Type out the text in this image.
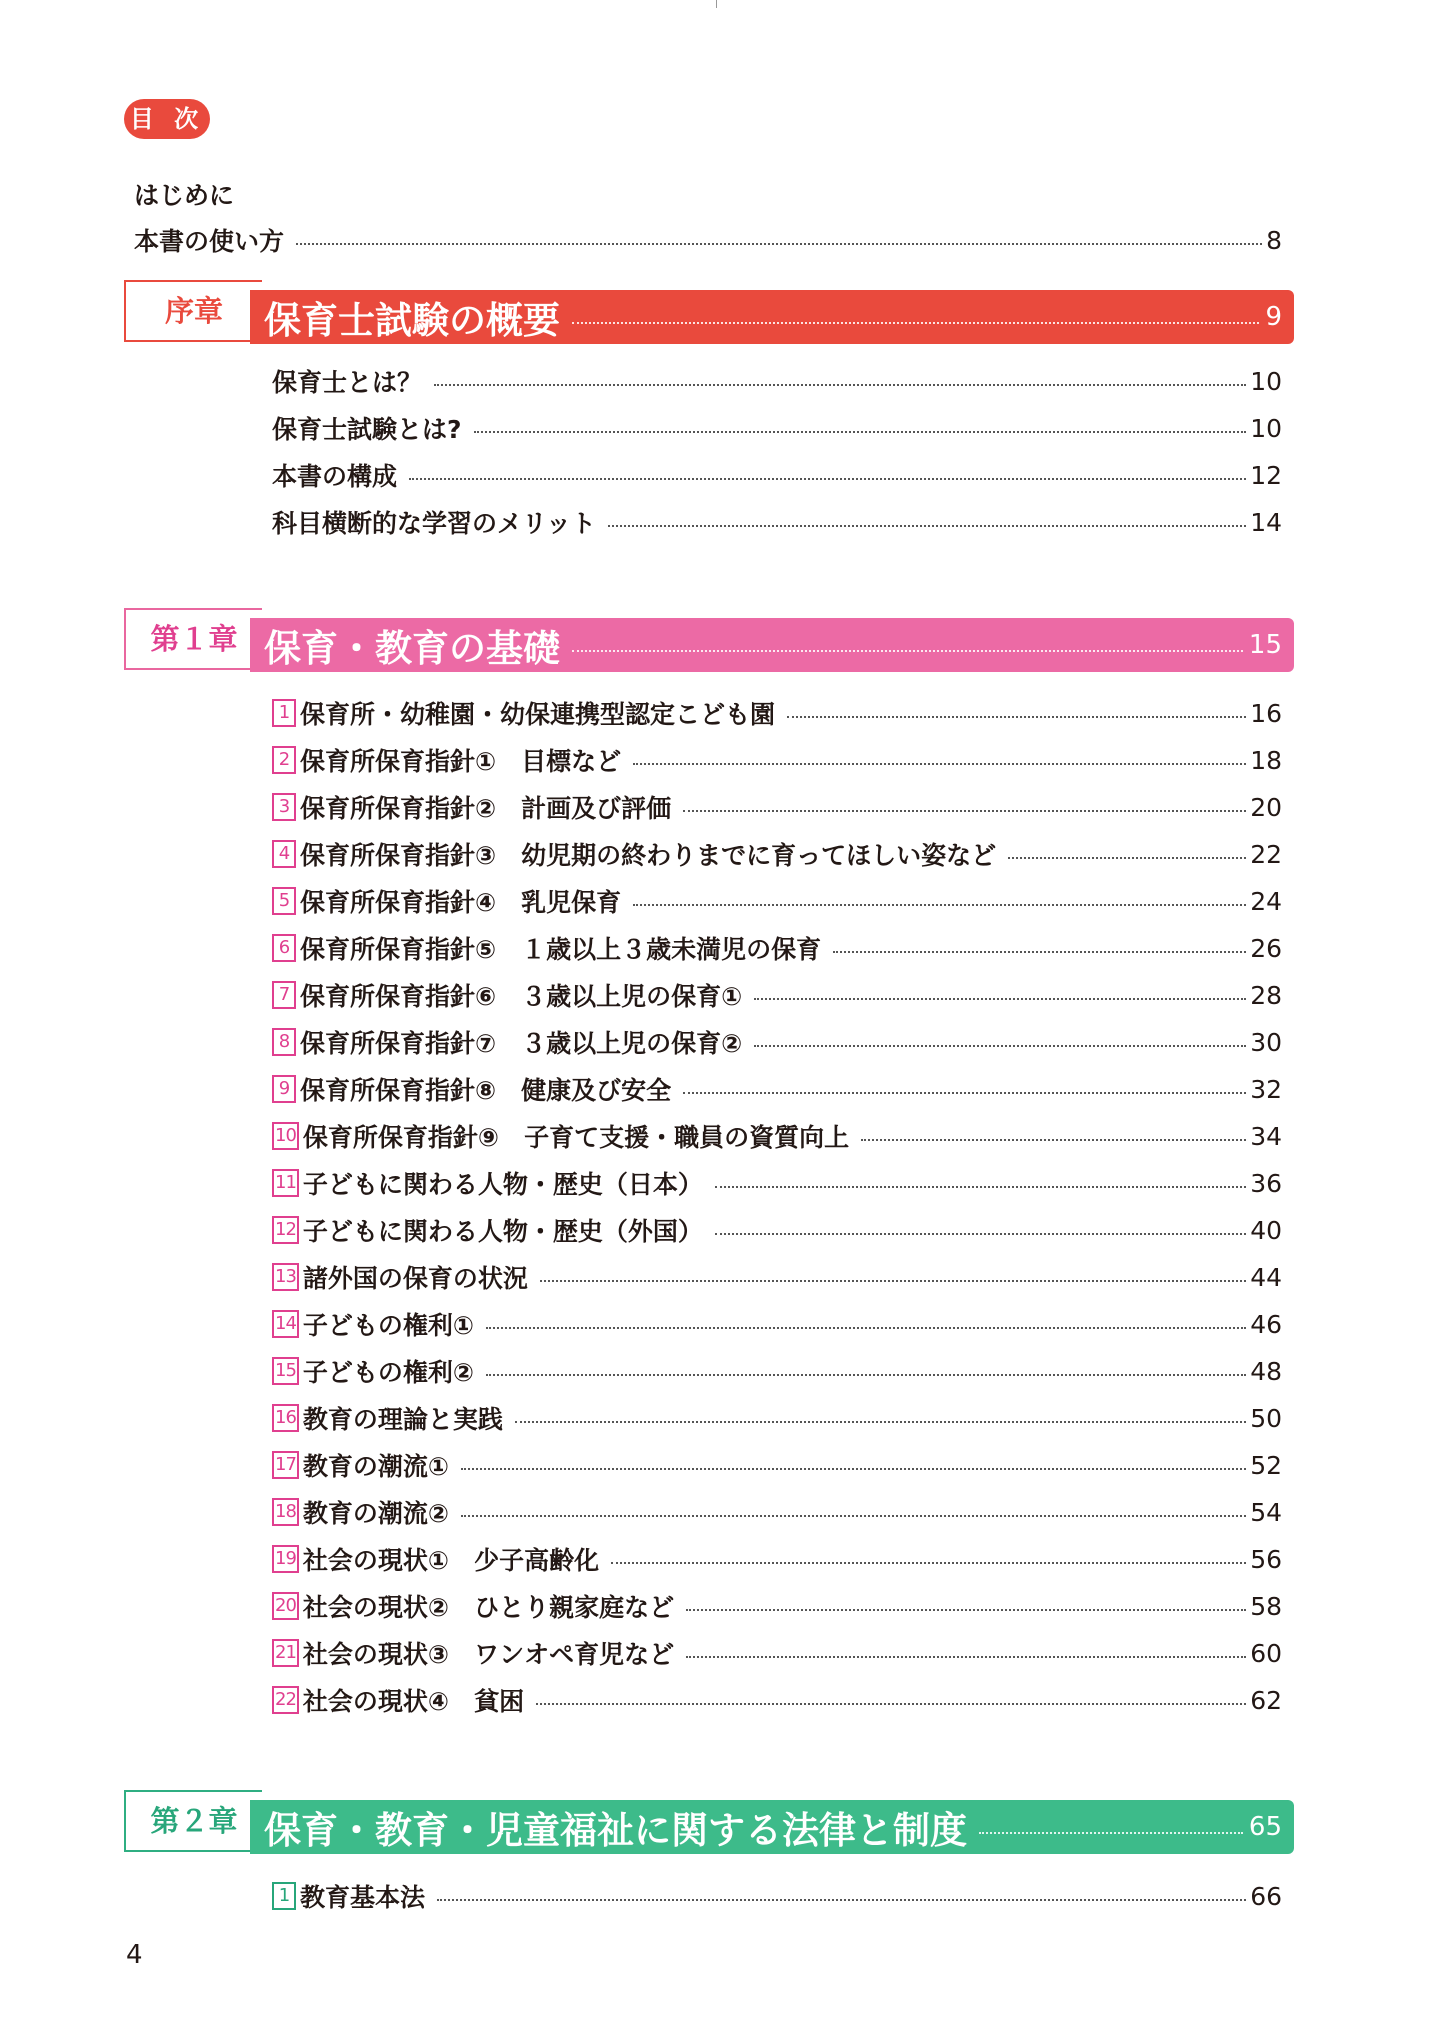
目 次
はじめに
本書の使い方	8
序章	保育士試験の概要	9
保育士とは？	10
保育士試験とは?	10
本書の構成	12
科目横断的な学習のメリット	14
第１章 保育・教育の基礎	15
1 保育所・幼稚園・幼保連携型認定こども園	16
2 保育所保育指針①　目標など	18
3 保育所保育指針②　計画及び評価	20
4 保育所保育指針③　幼児期の終わりまでに育ってほしい姿など	22
5 保育所保育指針④　乳児保育	24
6 保育所保育指針⑤　１歳以上３歳未満児の保育	26
7 保育所保育指針⑥　３歳以上児の保育①	28
8 保育所保育指針⑦　３歳以上児の保育②	30
9 保育所保育指針⑧　健康及び安全	32
10 保育所保育指針⑨　子育て支援・職員の資質向上	34
11 子どもに関わる人物・歴史（日本）	36
12 子どもに関わる人物・歴史（外国）	40
13 諸外国の保育の状況	44
14 子どもの権利①	46
15 子どもの権利②	48
16 教育の理論と実践	50
17 教育の潮流①	52
18 教育の潮流②	54
19 社会の現状①　少子高齢化	56
20 社会の現状②　ひとり親家庭など	58
21 社会の現状③　ワンオペ育児など	60
22 社会の現状④　貧困	62
第２章 保育・教育・児童福祉に関する法律と制度	65
1 教育基本法	66
4
